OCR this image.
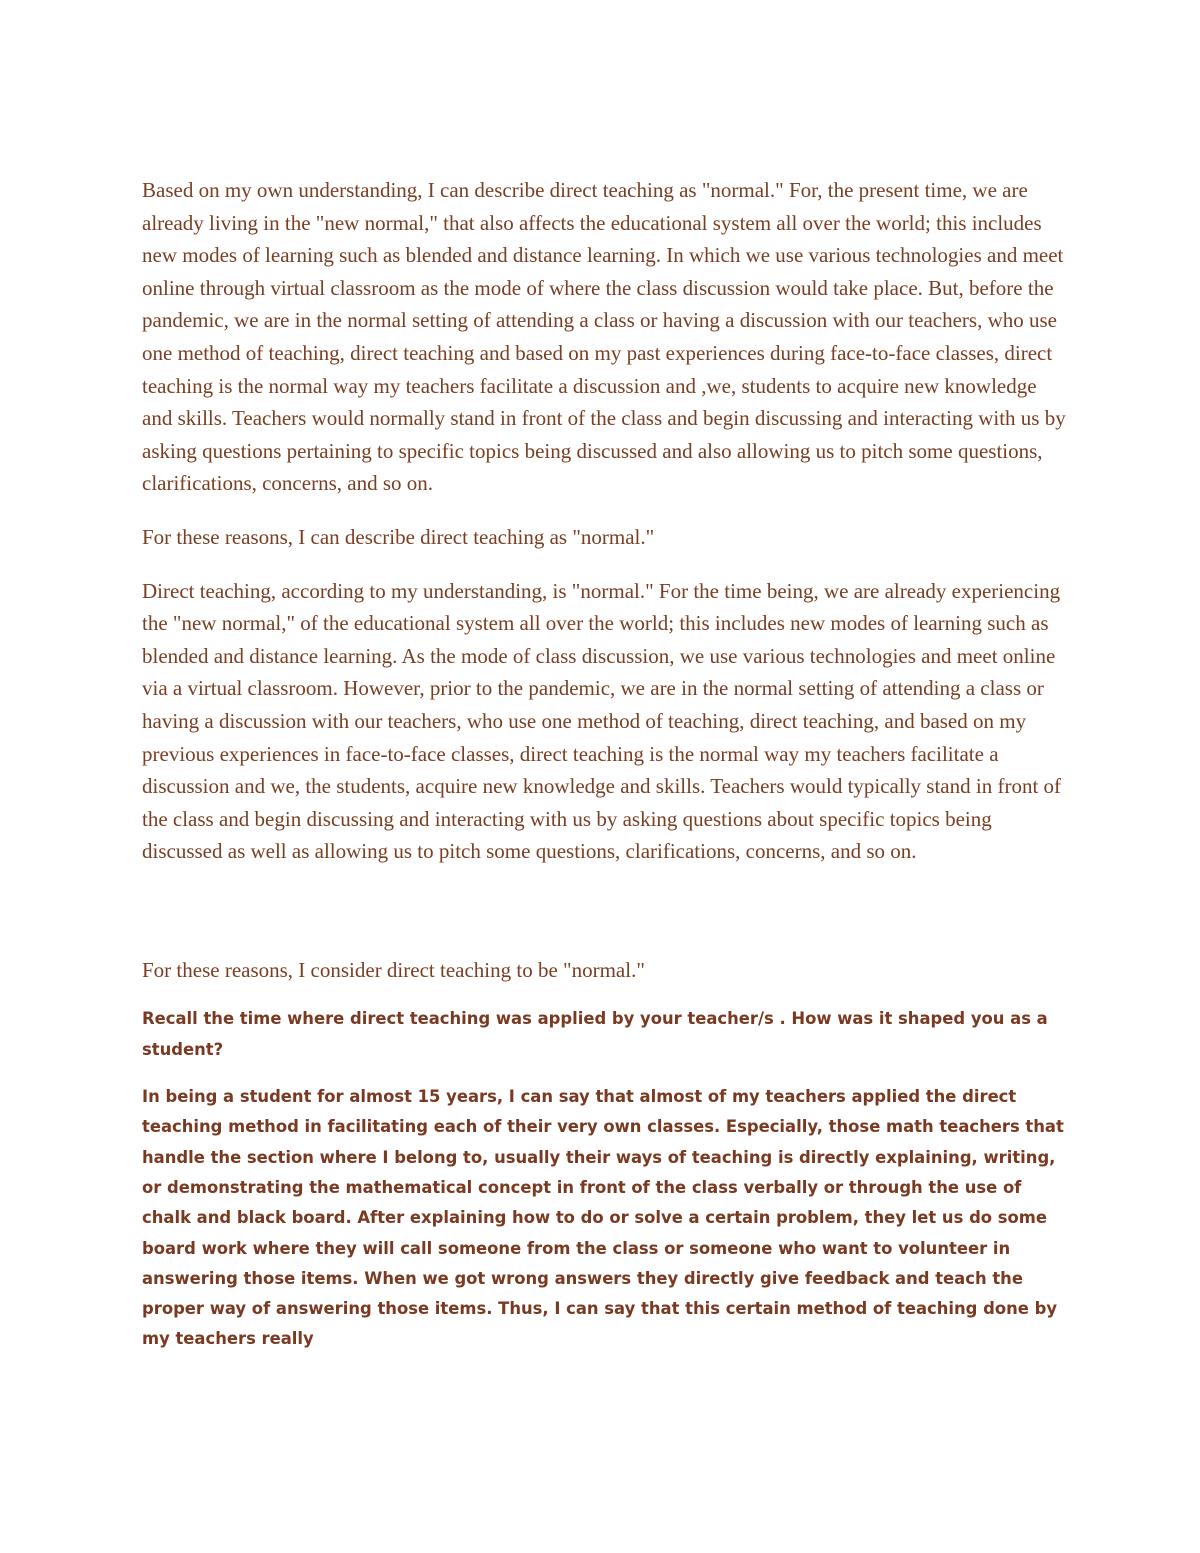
Based on my own understanding, I can describe direct teaching as "normal." For, the present time, we are already living in the "new normal," that also affects the educational system all over the world; this includes new modes of learning such as blended and distance learning. In which we use various technologies and meet online through virtual classroom as the mode of where the class discussion would take place. But, before the pandemic, we are in the normal setting of attending a class or having a discussion with our teachers, who use one method of teaching, direct teaching and based on my past experiences during face-to-face classes, direct teaching is the normal way my teachers facilitate a discussion and ,we, students to acquire new knowledge and skills. Teachers would normally stand in front of the class and begin discussing and interacting with us by asking questions pertaining to specific topics being discussed and also allowing us to pitch some questions, clarifications, concerns, and so on.

For these reasons, I can describe direct teaching as "normal."

Direct teaching, according to my understanding, is "normal." For the time being, we are already experiencing the "new normal," of the educational system all over the world; this includes new modes of learning such as blended and distance learning. As the mode of class discussion, we use various technologies and meet online via a virtual classroom. However, prior to the pandemic, we are in the normal setting of attending a class or having a discussion with our teachers, who use one method of teaching, direct teaching, and based on my previous experiences in face-to-face classes, direct teaching is the normal way my teachers facilitate a discussion and we, the students, acquire new knowledge and skills. Teachers would typically stand in front of the class and begin discussing and interacting with us by asking questions about specific topics being discussed as well as allowing us to pitch some questions, clarifications, concerns, and so on.

For these reasons, I consider direct teaching to be "normal."

Recall the time where direct teaching was applied by your teacher/s . How was it shaped you as a student?

In being a student for almost 15 years, I can say that almost of my teachers applied the direct teaching method in facilitating each of their very own classes. Especially, those math teachers that handle the section where I belong to, usually their ways of teaching is directly explaining, writing, or demonstrating the mathematical concept in front of the class verbally or through the use of chalk and black board. After explaining how to do or solve a certain problem, they let us do some board work where they will call someone from the class or someone who want to volunteer in answering those items. When we got wrong answers they directly give feedback and teach the proper way of answering those items. Thus, I can say that this certain method of teaching done by my teachers really
